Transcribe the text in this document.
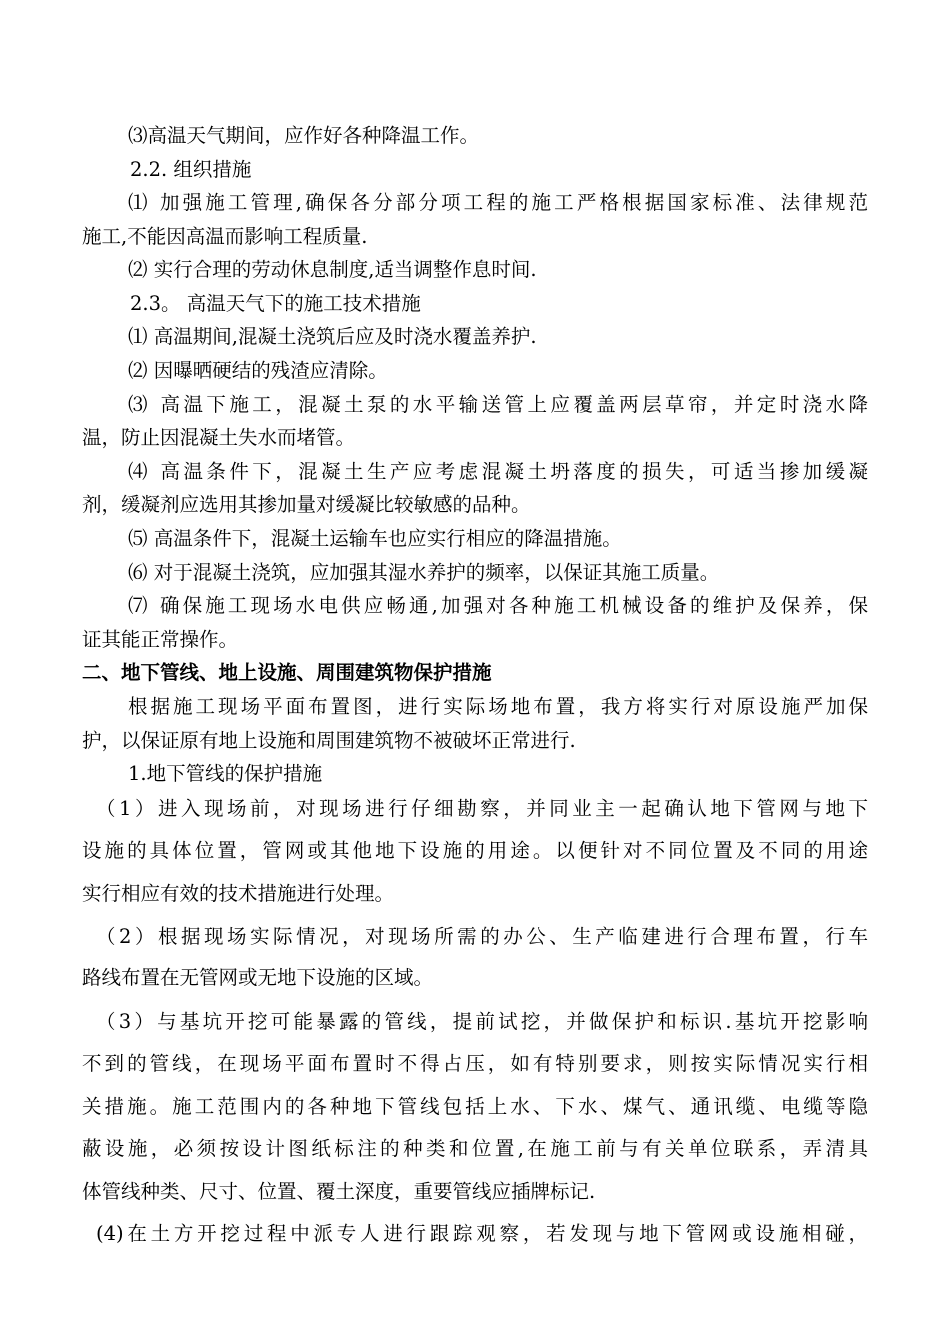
⑶高温天气期间，应作好各种降温工作。
2.2. 组织措施
⑴ 加强施工管理,确保各分部分项工程的施工严格根据国家标准、法律规范
施工,不能因高温而影响工程质量.
⑵ 实行合理的劳动休息制度,适当调整作息时间.
2.3。 高温天气下的施工技术措施
⑴ 高温期间,混凝土浇筑后应及时浇水覆盖养护.
⑵ 因曝晒硬结的残渣应清除。
⑶ 高温下施工，混凝土泵的水平输送管上应覆盖两层草帘，并定时浇水降
温，防止因混凝土失水而堵管。
⑷ 高温条件下，混凝土生产应考虑混凝土坍落度的损失，可适当掺加缓凝
剂，缓凝剂应选用其掺加量对缓凝比较敏感的品种。
⑸ 高温条件下，混凝土运输车也应实行相应的降温措施。
⑹ 对于混凝土浇筑，应加强其湿水养护的频率，以保证其施工质量。
⑺ 确保施工现场水电供应畅通,加强对各种施工机械设备的维护及保养，保
证其能正常操作。
二、地下管线、地上设施、周围建筑物保护措施
根据施工现场平面布置图，进行实际场地布置，我方将实行对原设施严加保
护，以保证原有地上设施和周围建筑物不被破坏正常进行.
1.地下管线的保护措施
（1）进入现场前，对现场进行仔细勘察，并同业主一起确认地下管网与地下
设施的具体位置，管网或其他地下设施的用途。以便针对不同位置及不同的用途
实行相应有效的技术措施进行处理。
（2）根据现场实际情况，对现场所需的办公、生产临建进行合理布置，行车
路线布置在无管网或无地下设施的区域。
（3）与基坑开挖可能暴露的管线，提前试挖，并做保护和标识.基坑开挖影响
不到的管线，在现场平面布置时不得占压，如有特别要求，则按实际情况实行相
关措施。施工范围内的各种地下管线包括上水、下水、煤气、通讯缆、电缆等隐
蔽设施，必须按设计图纸标注的种类和位置,在施工前与有关单位联系，弄清具
体管线种类、尺寸、位置、覆土深度，重要管线应插牌标记.
(4)在土方开挖过程中派专人进行跟踪观察，若发现与地下管网或设施相碰，
